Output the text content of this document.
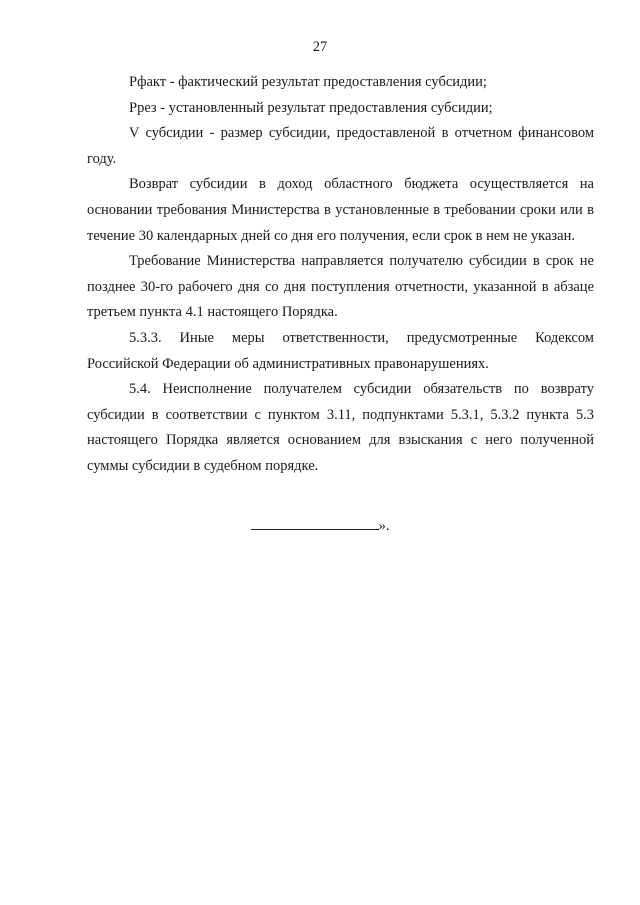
27

Рфакт - фактический результат предоставления субсидии;

Ррез - установленный результат предоставления субсидии;

V субсидии - размер субсидии, предоставленой в отчетном финансовом году.

Возврат субсидии в доход областного бюджета осуществляется на основании требования Министерства в установленные в требовании сроки или в течение 30 календарных дней со дня его получения, если срок в нем не указан.

Требование Министерства направляется получателю субсидии в срок не позднее 30-го рабочего дня со дня поступления отчетности, указанной в абзаце третьем пункта 4.1 настоящего Порядка.

5.3.3. Иные меры ответственности, предусмотренные Кодексом Российской Федерации об административных правонарушениях.

5.4. Неисполнение получателем субсидии обязательств по возврату субсидии в соответствии с пунктом 3.11, подпунктами 5.3.1, 5.3.2 пункта 5.3 настоящего Порядка является основанием для взыскания с него полученной суммы субсидии в судебном порядке.

».
